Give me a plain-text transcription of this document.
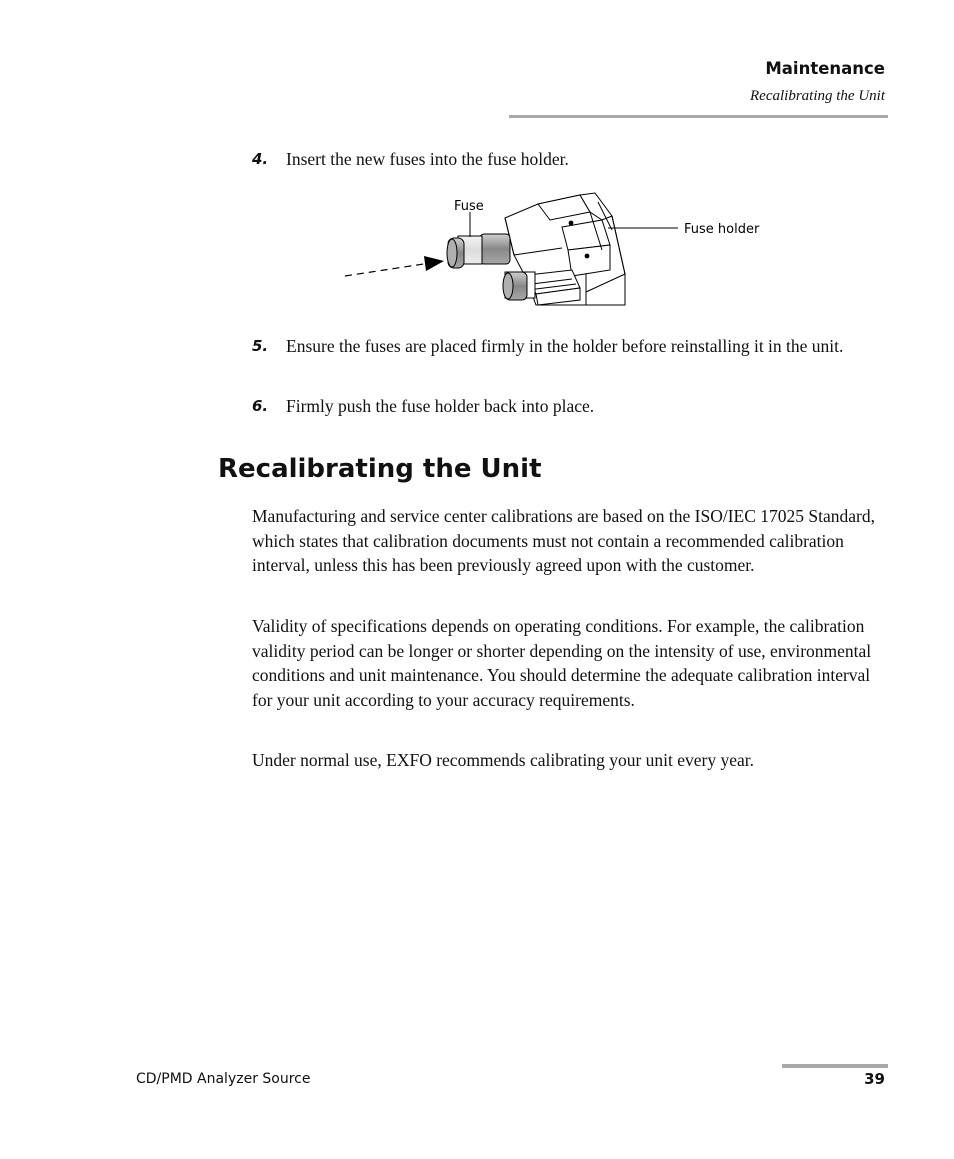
Maintenance
Recalibrating the Unit
4. Insert the new fuses into the fuse holder.
Fuse
Fuse holder
5. Ensure the fuses are placed firmly in the holder before reinstalling it in the unit.
6. Firmly push the fuse holder back into place.
Recalibrating the Unit

Manufacturing and service center calibrations are based on the ISO/IEC 17025 Standard, which states that calibration documents must not contain a recommended calibration interval, unless this has been previously agreed upon with the customer.

Validity of specifications depends on operating conditions. For example, the calibration validity period can be longer or shorter depending on the intensity of use, environmental conditions and unit maintenance. You should determine the adequate calibration interval for your unit according to your accuracy requirements.

Under normal use, EXFO recommends calibrating your unit every year.

CD/PMD Analyzer Source	39
